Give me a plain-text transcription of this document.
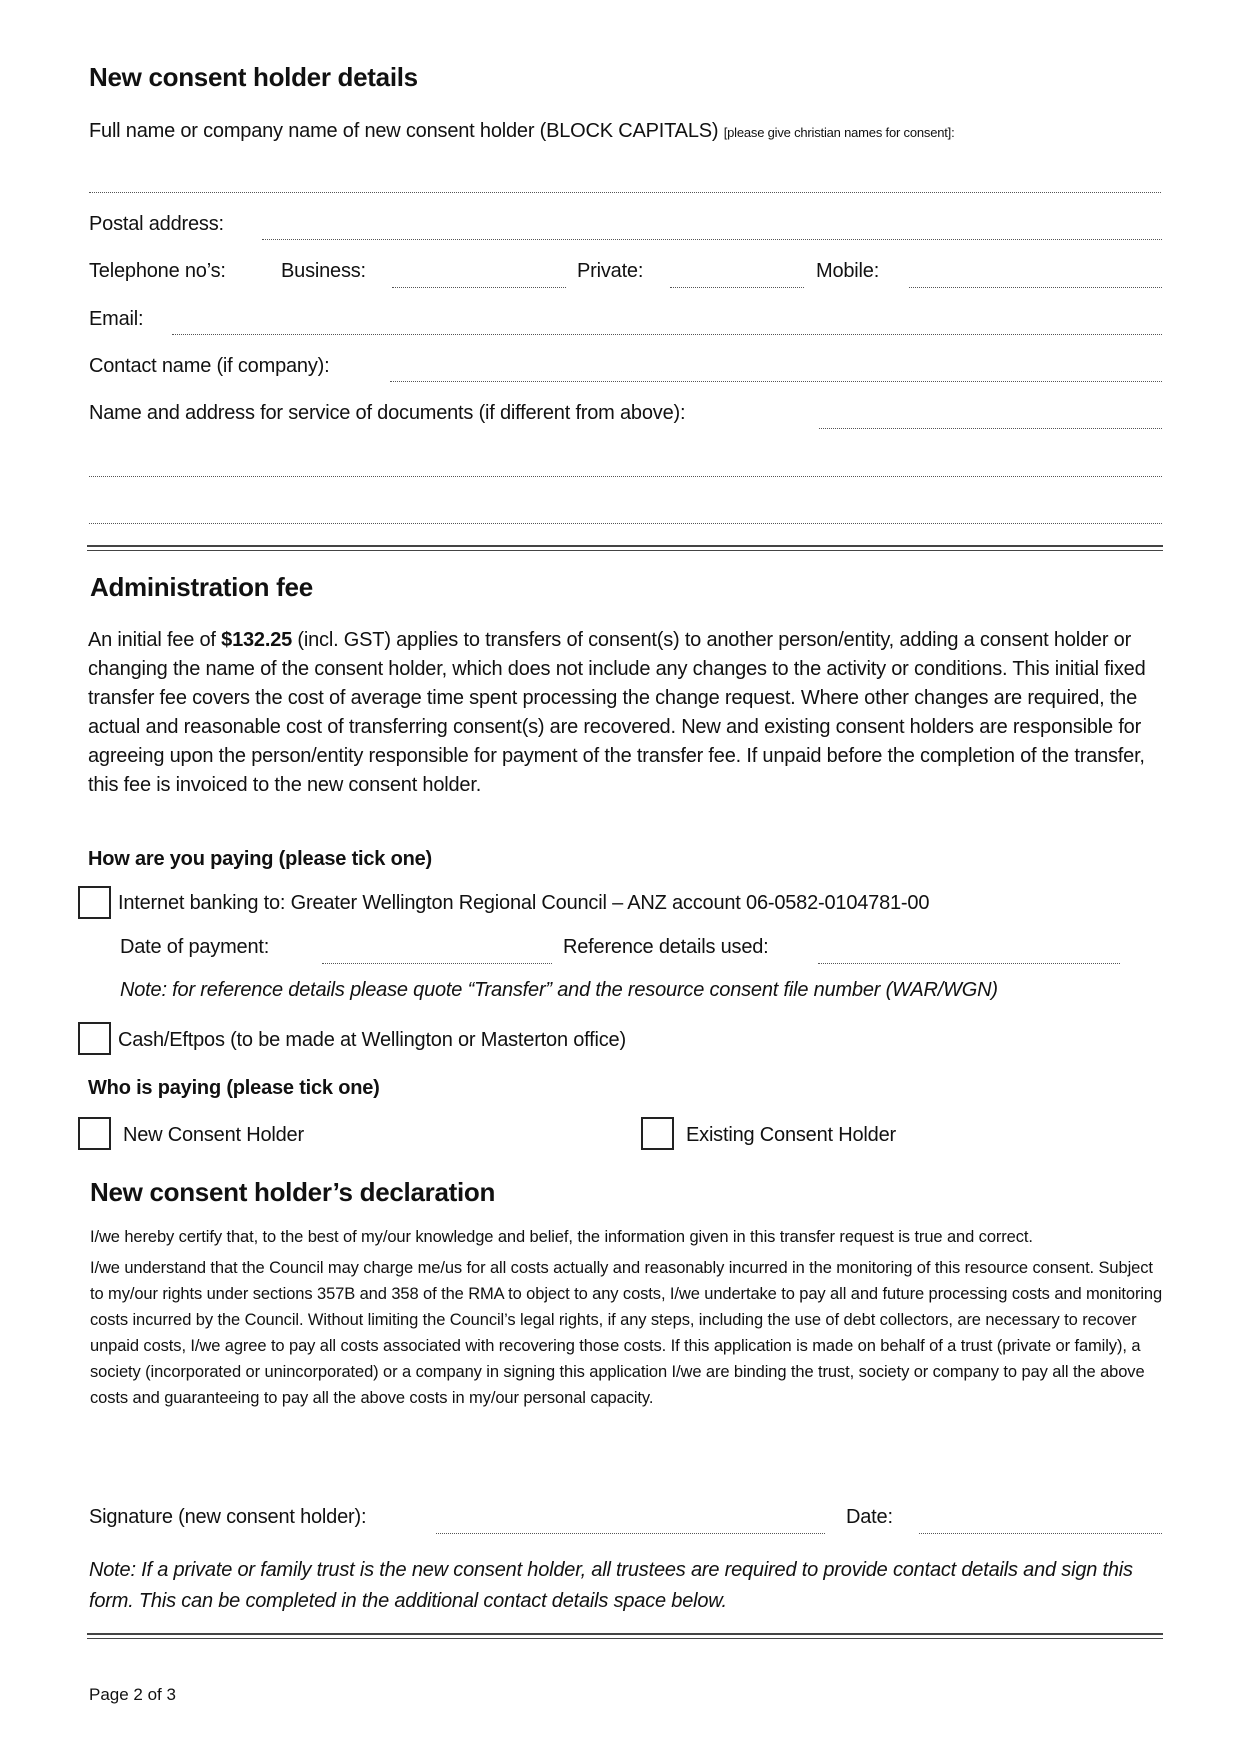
New consent holder details
Full name or company name of new consent holder (BLOCK CAPITALS) [please give christian names for consent]:
Postal address:
Telephone no’s:	Business:	Private:	Mobile:
Email:
Contact name (if company):
Name and address for service of documents (if different from above):
Administration fee

An initial fee of $132.25 (incl. GST) applies to transfers of consent(s) to another person/entity, adding a consent holder or changing the name of the consent holder, which does not include any changes to the activity or conditions. This initial fixed transfer fee covers the cost of average time spent processing the change request. Where other changes are required, the actual and reasonable cost of transferring consent(s) are recovered. New and existing consent holders are responsible for agreeing upon the person/entity responsible for payment of the transfer fee. If unpaid before the completion of the transfer, this fee is invoiced to the new consent holder.

How are you paying (please tick one)
Internet banking to: Greater Wellington Regional Council – ANZ account 06-0582-0104781-00
Date of payment:	Reference details used:
Note: for reference details please quote “Transfer” and the resource consent file number (WAR/WGN)
Cash/Eftpos (to be made at Wellington or Masterton office)
Who is paying (please tick one)
New Consent Holder	Existing Consent Holder
New consent holder’s declaration

I/we hereby certify that, to the best of my/our knowledge and belief, the information given in this transfer request is true and correct.

I/we understand that the Council may charge me/us for all costs actually and reasonably incurred in the monitoring of this resource consent. Subject to my/our rights under sections 357B and 358 of the RMA to object to any costs, I/we undertake to pay all and future processing costs and monitoring costs incurred by the Council. Without limiting the Council’s legal rights, if any steps, including the use of debt collectors, are necessary to recover unpaid costs, I/we agree to pay all costs associated with recovering those costs. If this application is made on behalf of a trust (private or family), a society (incorporated or unincorporated) or a company in signing this application I/we are binding the trust, society or company to pay all the above costs and guaranteeing to pay all the above costs in my/our personal capacity.

Signature (new consent holder):	Date:
Note: If a private or family trust is the new consent holder, all trustees are required to provide contact details and sign this form. This can be completed in the additional contact details space below.
Page 2 of 3
